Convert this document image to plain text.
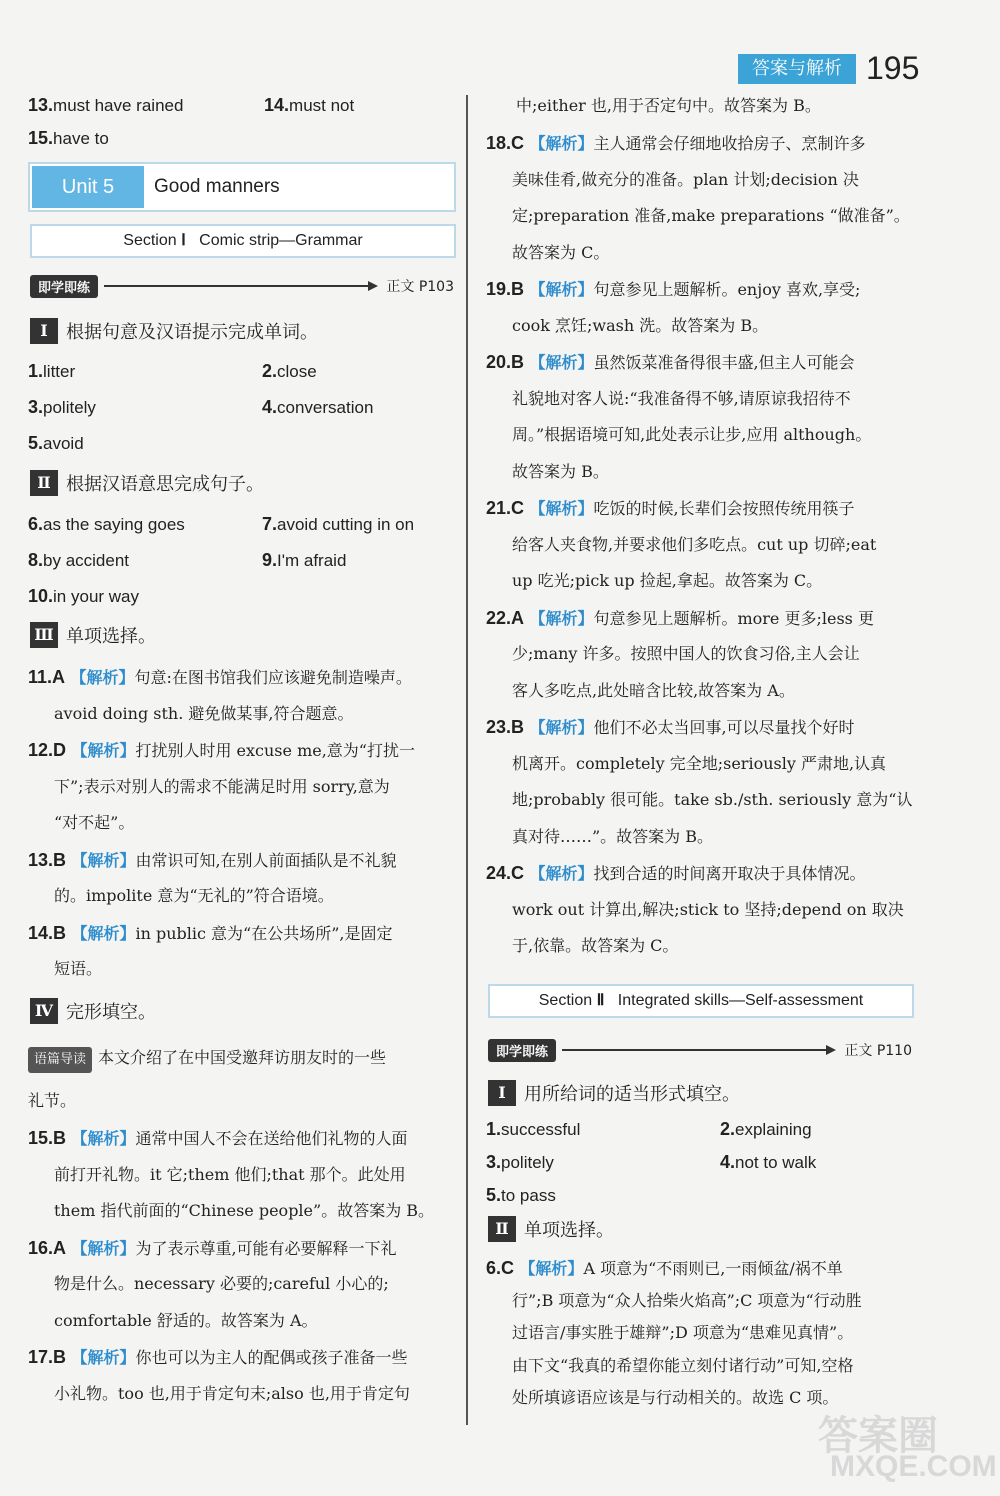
答案与解析 195
13.must have rained	14.must not
15.have to
Unit 5	Good manners
Section Ⅰ Comic strip—Grammar
即学即练	正文 P103
Ⅰ	根据句意及汉语提示完成单词。
1.litter	2.close
3.politely	4.conversation
5.avoid
Ⅱ 根据汉语意思完成句子。
6.as the saying goes	7.avoid cutting in on
8.by accident	9.I'm afraid
10.in your way
Ⅲ 单项选择。
11.A 【解析】句意:在图书馆我们应该避免制造噪声。
avoid doing sth. 避免做某事,符合题意。
12.D 【解析】打扰别人时用 excuse me,意为“打扰一
下”;表示对别人的需求不能满足时用 sorry,意为
“对不起”。
13.B 【解析】由常识可知,在别人前面插队是不礼貌
的。impolite 意为“无礼的”符合语境。
14.B 【解析】in public 意为“在公共场所”,是固定
短语。
Ⅳ 完形填空。
语篇导读 本文介绍了在中国受邀拜访朋友时的一些
礼节。
15.B 【解析】通常中国人不会在送给他们礼物的人面
前打开礼物。it 它;them 他们;that 那个。此处用
them 指代前面的“Chinese people”。故答案为 B。
16.A 【解析】为了表示尊重,可能有必要解释一下礼
物是什么。necessary 必要的;careful 小心的;
comfortable 舒适的。故答案为 A。
17.B 【解析】你也可以为主人的配偶或孩子准备一些
小礼物。too 也,用于肯定句末;also 也,用于肯定句
中;either 也,用于否定句中。故答案为 B。
18.C 【解析】主人通常会仔细地收拾房子、烹制许多
美味佳肴,做充分的准备。plan 计划;decision 决
定;preparation 准备,make preparations “做准备”。
故答案为 C。
19.B 【解析】句意参见上题解析。enjoy 喜欢,享受;
cook 烹饪;wash 洗。故答案为 B。
20.B 【解析】虽然饭菜准备得很丰盛,但主人可能会
礼貌地对客人说:“我准备得不够,请原谅我招待不
周。”根据语境可知,此处表示让步,应用 although。
故答案为 B。
21.C 【解析】吃饭的时候,长辈们会按照传统用筷子
给客人夹食物,并要求他们多吃点。cut up 切碎;eat
up 吃光;pick up 捡起,拿起。故答案为 C。
22.A 【解析】句意参见上题解析。more 更多;less 更
少;many 许多。按照中国人的饮食习俗,主人会让
客人多吃点,此处暗含比较,故答案为 A。
23.B 【解析】他们不必太当回事,可以尽量找个好时
机离开。completely 完全地;seriously 严肃地,认真
地;probably 很可能。take sb./sth. seriously 意为“认
真对待……”。故答案为 B。
24.C 【解析】找到合适的时间离开取决于具体情况。
work out 计算出,解决;stick to 坚持;depend on 取决
于,依靠。故答案为 C。
Section Ⅱ Integrated skills—Self-assessment
即学即练	正文 P110
Ⅰ	用所给词的适当形式填空。
1.successful	2.explaining
3.politely	4.not to walk
5.to pass
Ⅱ 单项选择。
6.C 【解析】A 项意为“不雨则已,一雨倾盆/祸不单
行”;B 项意为“众人拾柴火焰高”;C 项意为“行动胜
过语言/事实胜于雄辩”;D 项意为“患难见真情”。
由下文“我真的希望你能立刻付诸行动”可知,空格
处所填谚语应该是与行动相关的。故选 C 项。
答案圈
MXQE.COM
